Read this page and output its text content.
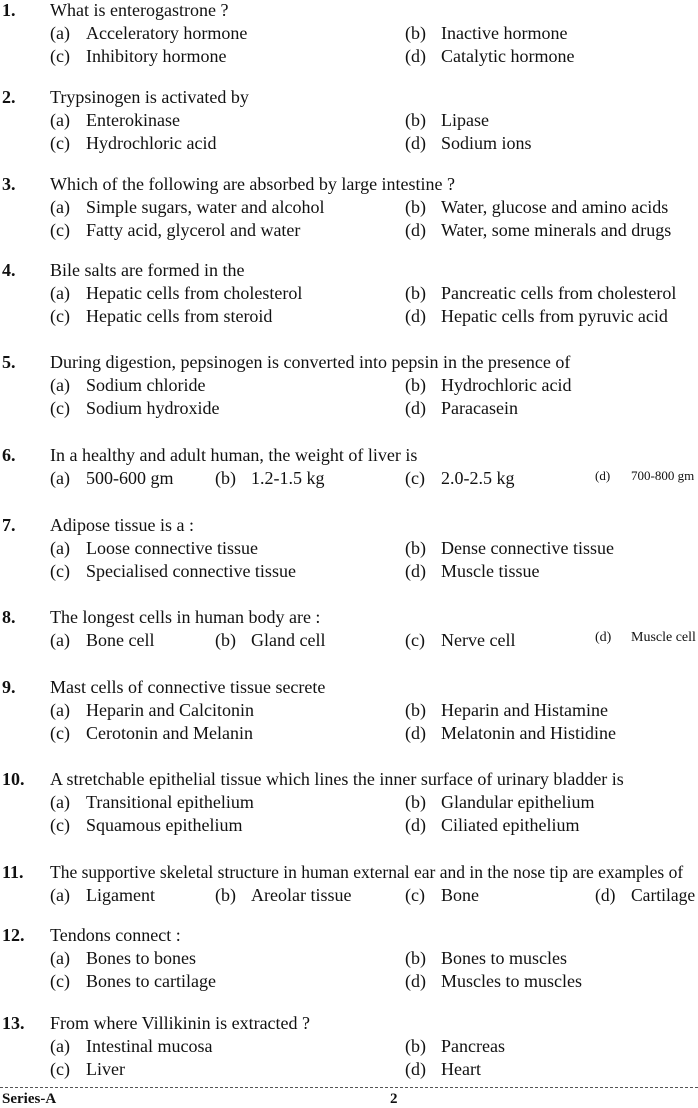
1. What is enterogastrone ?
(a) Acceleratory hormone	(b) Inactive hormone
(c) Inhibitory hormone	(d) Catalytic hormone
2. Trypsinogen is activated by
(a) Enterokinase	(b) Lipase
(c) Hydrochloric acid	(d) Sodium ions
3. Which of the following are absorbed by large intestine ?
(a) Simple sugars, water and alcohol	(b) Water, glucose and amino acids
(c) Fatty acid, glycerol and water	(d) Water, some minerals and drugs
4. Bile salts are formed in the
(a) Hepatic cells from cholesterol	(b) Pancreatic cells from cholesterol
(c) Hepatic cells from steroid	(d) Hepatic cells from pyruvic acid
5. During digestion, pepsinogen is converted into pepsin in the presence of
(a) Sodium chloride	(b) Hydrochloric acid
(c) Sodium hydroxide	(d) Paracasein
6. In a healthy and adult human, the weight of liver is
(a) 500-600 gm (b) 1.2-1.5 kg	(c) 2.0-2.5 kg	(d) 700-800 gm
7. Adipose tissue is a :
(a) Loose connective tissue	(b) Dense connective tissue
(c) Specialised connective tissue	(d) Muscle tissue
8. The longest cells in human body are :
(a) Bone cell	(b) Gland cell	(c) Nerve cell	(d) Muscle cell
9. Mast cells of connective tissue secrete
(a) Heparin and Calcitonin	(b) Heparin and Histamine
(c) Cerotonin and Melanin	(d) Melatonin and Histidine
10. A stretchable epithelial tissue which lines the inner surface of urinary bladder is
(a) Transitional epithelium	(b) Glandular epithelium
(c) Squamous epithelium	(d) Ciliated epithelium
11. The supportive skeletal structure in human external ear and in the nose tip are examples of
(a) Ligament	(b) Areolar tissue	(c) Bone	(d) Cartilage
12. Tendons connect :
(a) Bones to bones	(b) Bones to muscles
(c) Bones to cartilage	(d) Muscles to muscles
13. From where Villikinin is extracted ?
(a) Intestinal mucosa	(b) Pancreas
(c) Liver	(d) Heart
Series-A	2
